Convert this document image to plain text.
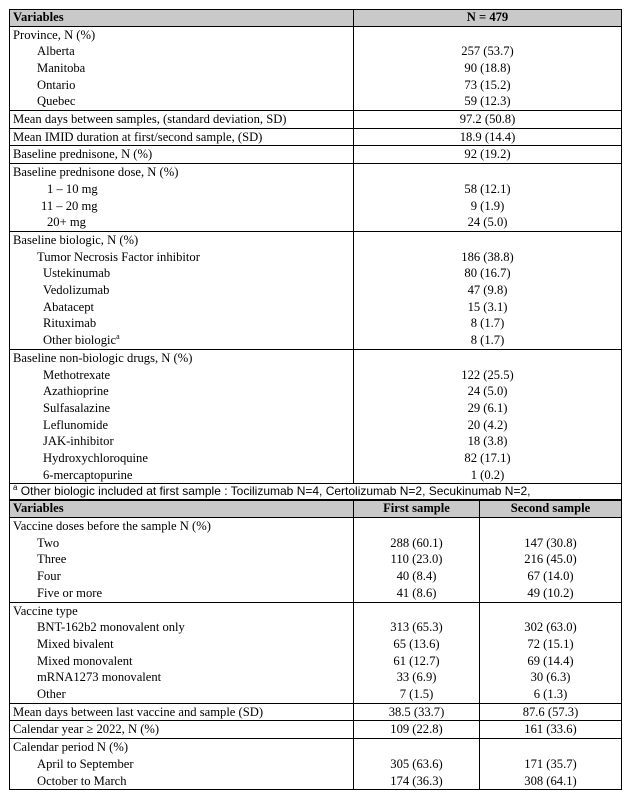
Variables	N = 479
Province, N (%)	
Alberta	257 (53.7)
Manitoba	90 (18.8)
Ontario	73 (15.2)
Quebec	59 (12.3)
Mean days between samples, (standard deviation, SD)	97.2 (50.8)
Mean IMID duration at first/second sample, (SD)	18.9 (14.4)
Baseline prednisone, N (%)	92 (19.2)
Baseline prednisone dose, N (%)	
1 – 10 mg	58 (12.1)
11 – 20 mg	9 (1.9)
20+ mg	24 (5.0)
Baseline biologic, N (%)	
Tumor Necrosis Factor inhibitor	186 (38.8)
Ustekinumab	80 (16.7)
Vedolizumab	47 (9.8)
Abatacept	15 (3.1)
Rituximab	8 (1.7)
Other biologic$^a$	8 (1.7)
Baseline non-biologic drugs, N (%)	
Methotrexate	122 (25.5)
Azathioprine	24 (5.0)
Sulfasalazine	29 (6.1)
Leflunomide	20 (4.2)
JAK-inhibitor	18 (3.8)
Hydroxychloroquine	82 (17.1)
6-mercaptopurine	1 (0.2)
$^a$ Other biologic included at first sample : Tocilizumab N=4, Certolizumab N=2, Secukinumab N=2,	
Variables	First sample	Second sample
Vaccine doses before the sample N (%)		
Two	288 (60.1)	147 (30.8)
Three	110 (23.0)	216 (45.0)
Four	40 (8.4)	67 (14.0)
Five or more	41 (8.6)	49 (10.2)
Vaccine type		
BNT-162b2 monovalent only	313 (65.3)	302 (63.0)
Mixed bivalent	65 (13.6)	72 (15.1)
Mixed monovalent	61 (12.7)	69 (14.4)
mRNA1273 monovalent	33 (6.9)	30 (6.3)
Other	7 (1.5)	6 (1.3)
Mean days between last vaccine and sample (SD)	38.5 (33.7)	87.6 (57.3)
Calendar year ≥ 2022, N (%)	109 (22.8)	161 (33.6)
Calendar period N (%)		
April to September	305 (63.6)	171 (35.7)
October to March	174 (36.3)	308 (64.1)
